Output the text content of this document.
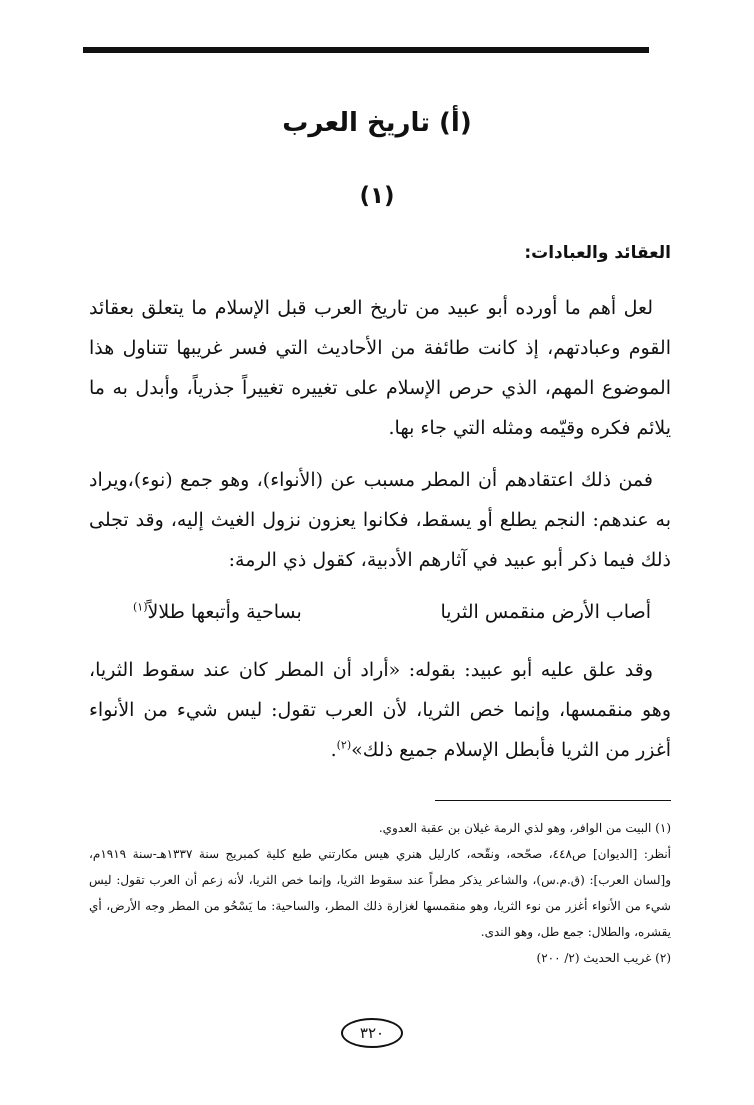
(أ) تاريخ العرب
(١)
العقائد والعبادات:

لعل أهم ما أورده أبو عبيد من تاريخ العرب قبل الإسلام ما يتعلق بعقائد القوم وعبادتهم، إذ كانت طائفة من الأحاديث التي فسر غريبها تتناول هذا الموضوع المهم، الذي حرص الإسلام على تغييره تغييراً جذرياً، وأبدل به ما يلائم فكره وقيّمه ومثله التي جاء بها.

فمن ذلك اعتقادهم أن المطر مسبب عن (الأنواء)، وهو جمع (نوء)،ويراد به عندهم: النجم يطلع أو يسقط، فكانوا يعزون نزول الغيث إليه، وقد تجلى ذلك فيما ذكر أبو عبيد في آثارهم الأدبية، كقول ذي الرمة:

أصاب الأرض منقمس الثريا
بساحية وأتبعها طلالاً$^{(١)}$

وقد علق عليه أبو عبيد: بقوله: «أراد أن المطر كان عند سقوط الثريا، وهو منقمسها، وإنما خص الثريا، لأن العرب تقول: ليس شيء من الأنواء أغزر من الثريا فأبطل الإسلام جميع ذلك»$^{(٢)}$.

(١) البيت من الوافر، وهو لذي الرمة غيلان بن عقبة العدوي.

أنظر: [الديوان] ص٤٤٨، صحّحه، ونقّحه، كارليل هنري هيس مكارتني طبع كلية كمبريج سنة ١٣٣٧هـ-سنة ١٩١٩م، و[لسان العرب]: (ق.م.س)، والشاعر يذكر مطراً عند سقوط الثريا، وإنما خص الثريا، لأنه زعم أن العرب تقول: ليس شيء من الأنواء أغزر من نوء الثريا، وهو منقمسها لغزارة ذلك المطر، والساحية: ما يَسْحُو من المطر وجه الأرض، أي يقشره، والطلال: جمع طل، وهو الندى.

(٢) غريب الحديث (٢/ ٢٠٠)

٣٢٠
